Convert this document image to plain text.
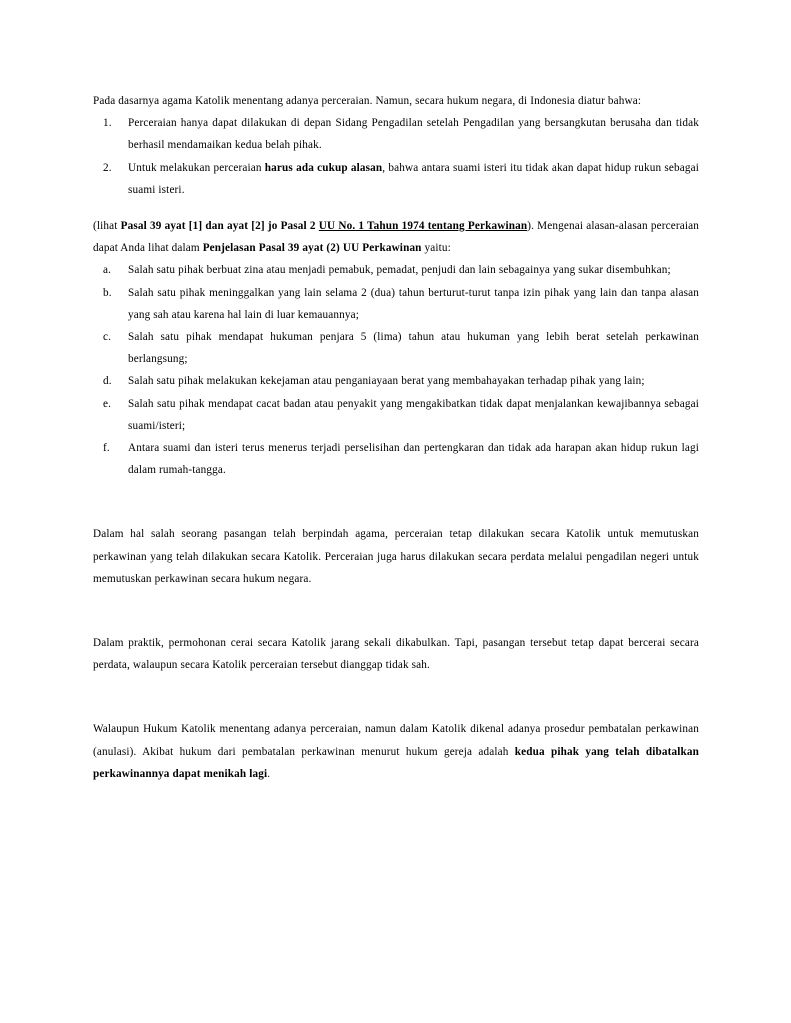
Pada dasarnya agama Katolik menentang adanya perceraian. Namun, secara hukum negara, di Indonesia diatur bahwa:

1. Perceraian hanya dapat dilakukan di depan Sidang Pengadilan setelah Pengadilan yang bersangkutan berusaha dan tidak berhasil mendamaikan kedua belah pihak.
2. Untuk melakukan perceraian harus ada cukup alasan, bahwa antara suami isteri itu tidak akan dapat hidup rukun sebagai suami isteri.

(lihat Pasal 39 ayat [1] dan ayat [2] jo Pasal 2 UU No. 1 Tahun 1974 tentang Perkawinan). Mengenai alasan-alasan perceraian dapat Anda lihat dalam Penjelasan Pasal 39 ayat (2) UU Perkawinan yaitu:

a. Salah satu pihak berbuat zina atau menjadi pemabuk, pemadat, penjudi dan lain sebagainya yang sukar disembuhkan;
b. Salah satu pihak meninggalkan yang lain selama 2 (dua) tahun berturut-turut tanpa izin pihak yang lain dan tanpa alasan yang sah atau karena hal lain di luar kemauannya;
c. Salah satu pihak mendapat hukuman penjara 5 (lima) tahun atau hukuman yang lebih berat setelah perkawinan berlangsung;
d. Salah satu pihak melakukan kekejaman atau penganiayaan berat yang membahayakan terhadap pihak yang lain;
e. Salah satu pihak mendapat cacat badan atau penyakit yang mengakibatkan tidak dapat menjalankan kewajibannya sebagai suami/isteri;
f. Antara suami dan isteri terus menerus terjadi perselisihan dan pertengkaran dan tidak ada harapan akan hidup rukun lagi dalam rumah-tangga.

Dalam hal salah seorang pasangan telah berpindah agama, perceraian tetap dilakukan secara Katolik untuk memutuskan perkawinan yang telah dilakukan secara Katolik. Perceraian juga harus dilakukan secara perdata melalui pengadilan negeri untuk memutuskan perkawinan secara hukum negara.

Dalam praktik, permohonan cerai secara Katolik jarang sekali dikabulkan. Tapi, pasangan tersebut tetap dapat bercerai secara perdata, walaupun secara Katolik perceraian tersebut dianggap tidak sah.

Walaupun Hukum Katolik menentang adanya perceraian, namun dalam Katolik dikenal adanya prosedur pembatalan perkawinan (anulasi). Akibat hukum dari pembatalan perkawinan menurut hukum gereja adalah kedua pihak yang telah dibatalkan perkawinannya dapat menikah lagi.
